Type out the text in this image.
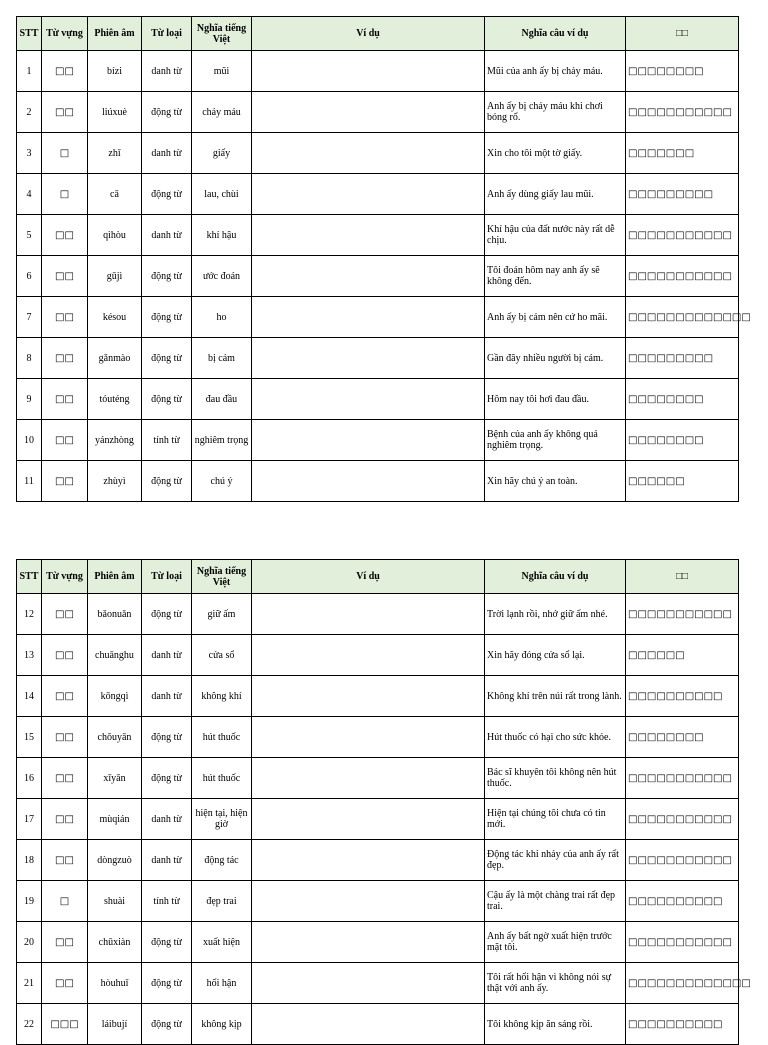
STT	Từ vựng	Phiên âm	Từ loại	Nghĩa tiếng Việt	Ví dụ	Nghĩa câu ví dụ	□□
1	□□	bízi	danh từ	mũi		Mũi của anh ấy bị chảy máu.	□□□□□□□□
2	□□	liúxuè	động từ	chảy máu		Anh ấy bị chảy máu khi chơi bóng rổ.	□□□□□□□□□□□
3	□	zhǐ	danh từ	giấy		Xin cho tôi một tờ giấy.	□□□□□□□
4	□	cā	động từ	lau, chùi		Anh ấy dùng giấy lau mũi.	□□□□□□□□□
5	□□	qìhòu	danh từ	khí hậu		Khí hậu của đất nước này rất dễ chịu.	□□□□□□□□□□□
6	□□	gūjì	động từ	ước đoán		Tôi đoán hôm nay anh ấy sẽ không đến.	□□□□□□□□□□□
7	□□	késou	động từ	ho		Anh ấy bị cảm nên cứ ho mãi.	□□□□□□□□□□□□□
8	□□	gǎnmào	động từ	bị cảm		Gần đây nhiều người bị cảm.	□□□□□□□□□
9	□□	tóuténg	động từ	đau đầu		Hôm nay tôi hơi đau đầu.	□□□□□□□□
10	□□	yánzhòng	tính từ	nghiêm trọng		Bệnh của anh ấy không quá nghiêm trọng.	□□□□□□□□
11	□□	zhùyì	động từ	chú ý		Xin hãy chú ý an toàn.	□□□□□□
STT	Từ vựng	Phiên âm	Từ loại	Nghĩa tiếng Việt	Ví dụ	Nghĩa câu ví dụ	□□
12	□□	bǎonuǎn	động từ	giữ ấm		Trời lạnh rồi, nhớ giữ ấm nhé.	□□□□□□□□□□□
13	□□	chuānghu	danh từ	cửa sổ		Xin hãy đóng cửa sổ lại.	□□□□□□
14	□□	kōngqì	danh từ	không khí		Không khí trên núi rất trong lành.	□□□□□□□□□□
15	□□	chōuyān	động từ	hút thuốc		Hút thuốc có hại cho sức khỏe.	□□□□□□□□
16	□□	xīyān	động từ	hút thuốc		Bác sĩ khuyên tôi không nên hút thuốc.	□□□□□□□□□□□
17	□□	mùqián	danh từ	hiện tại, hiện giờ		Hiện tại chúng tôi chưa có tin mới.	□□□□□□□□□□□
18	□□	dòngzuò	danh từ	động tác		Động tác khi nhảy của anh ấy rất đẹp.	□□□□□□□□□□□
19	□	shuài	tính từ	đẹp trai		Cậu ấy là một chàng trai rất đẹp trai.	□□□□□□□□□□
20	□□	chūxiàn	động từ	xuất hiện		Anh ấy bất ngờ xuất hiện trước mặt tôi.	□□□□□□□□□□□
21	□□	hòuhuǐ	động từ	hối hận		Tôi rất hối hận vì không nói sự thật với anh ấy.	□□□□□□□□□□□□□
22	□□□	láibují	động từ	không kịp		Tôi không kịp ăn sáng rồi.	□□□□□□□□□□
